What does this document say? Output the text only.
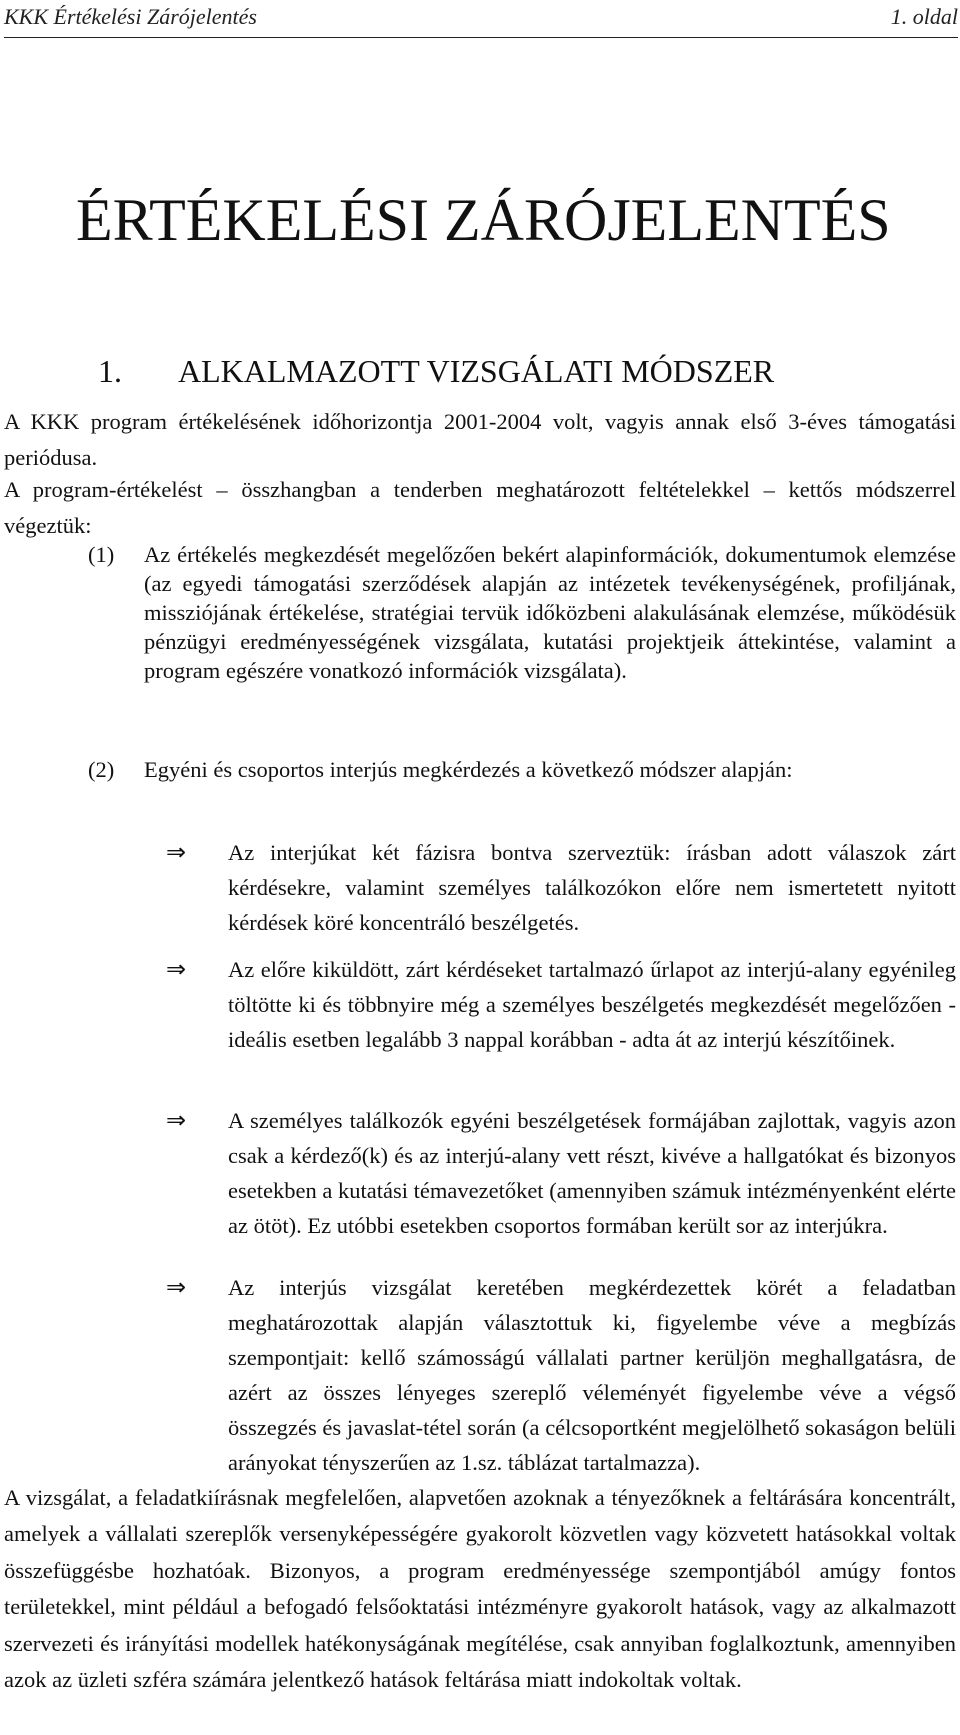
KKK Értékelési Zárójelentés	1. oldal
ÉRTÉKELÉSI ZÁRÓJELENTÉS
1. ALKALMAZOTT VIZSGÁLATI MÓDSZER

A KKK program értékelésének időhorizontja 2001-2004 volt, vagyis annak első 3-éves támogatási periódusa.

A program-értékelést – összhangban a tenderben meghatározott feltételekkel – kettős módszerrel végeztük:

(1) Az értékelés megkezdését megelőzően bekért alapinformációk, dokumentumok elemzése (az egyedi támogatási szerződések alapján az intézetek tevékenységének, profiljának, missziójának értékelése, stratégiai tervük időközbeni alakulásának elemzése, működésük pénzügyi eredményességének vizsgálata, kutatási projektjeik áttekintése, valamint a program egészére vonatkozó információk vizsgálata).
(2) Egyéni és csoportos interjús megkérdezés a következő módszer alapján:
⇒ Az interjúkat két fázisra bontva szerveztük: írásban adott válaszok zárt kérdésekre, valamint személyes találkozókon előre nem ismertetett nyitott kérdések köré koncentráló beszélgetés.
⇒ Az előre kiküldött, zárt kérdéseket tartalmazó űrlapot az interjú-alany egyénileg töltötte ki és többnyire még a személyes beszélgetés megkezdését megelőzően - ideális esetben legalább 3 nappal korábban - adta át az interjú készítőinek.
⇒ A személyes találkozók egyéni beszélgetések formájában zajlottak, vagyis azon csak a kérdező(k) és az interjú-alany vett részt, kivéve a hallgatókat és bizonyos esetekben a kutatási témavezetőket (amennyiben számuk intézményenként elérte az ötöt). Ez utóbbi esetekben csoportos formában került sor az interjúkra.
⇒ Az interjús vizsgálat keretében megkérdezettek körét a feladatban meghatározottak alapján választottuk ki, figyelembe véve a megbízás szempontjait: kellő számosságú vállalati partner kerüljön meghallgatásra, de azért az összes lényeges szereplő véleményét figyelembe véve a végső összegzés és javaslat-tétel során (a célcsoportként megjelölhető sokaságon belüli arányokat tényszerűen az 1.sz. táblázat tartalmazza).

A vizsgálat, a feladatkiírásnak megfelelően, alapvetően azoknak a tényezőknek a feltárására koncentrált, amelyek a vállalati szereplők versenyképességére gyakorolt közvetlen vagy közvetett hatásokkal voltak összefüggésbe hozhatóak. Bizonyos, a program eredményessége szempontjából amúgy fontos területekkel, mint például a befogadó felsőoktatási intézményre gyakorolt hatások, vagy az alkalmazott szervezeti és irányítási modellek hatékonyságának megítélése, csak annyiban foglalkoztunk, amennyiben azok az üzleti szféra számára jelentkező hatások feltárása miatt indokoltak voltak.
